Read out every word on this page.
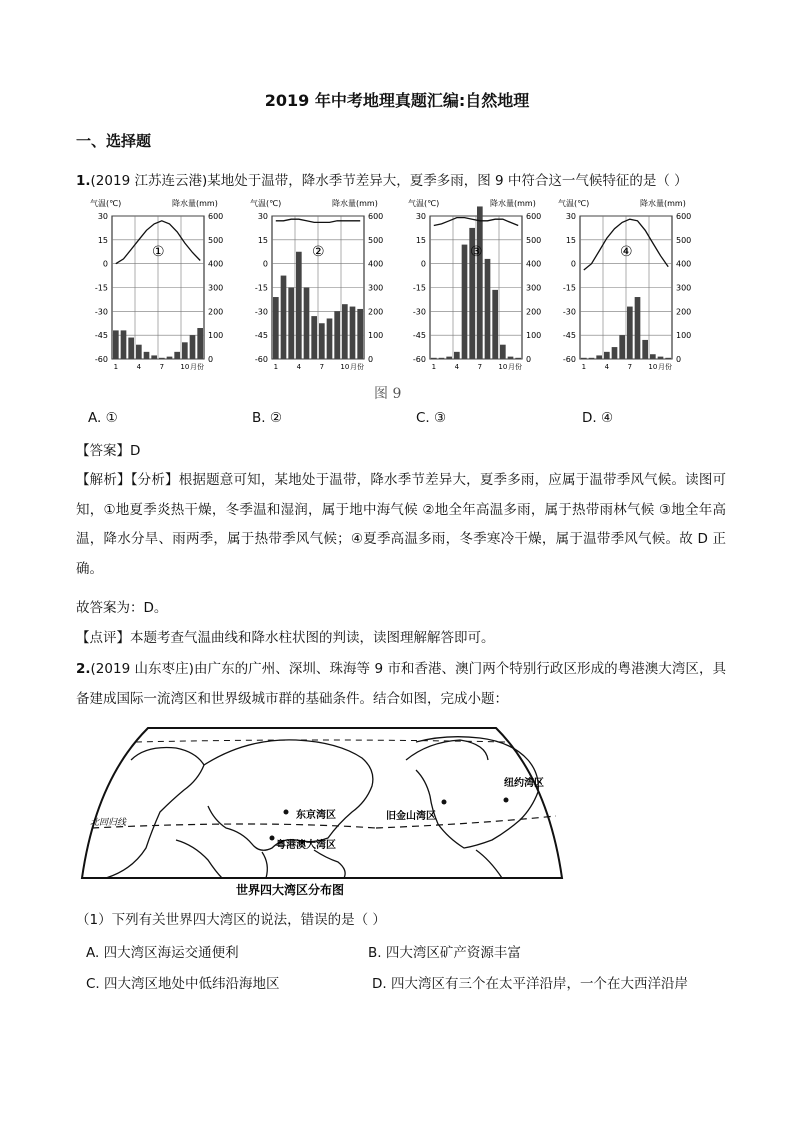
2019 年中考地理真题汇编:自然地理
一、选择题
1.(2019 江苏连云港)某地处于温带，降水季节差异大，夏季多雨，图 9 中符合这一气候特征的是（ ）
气温(℃)	降水量(mm)
30	600
15	500
0	400
-15	300
-30	200
-45	100
-60	0
①
1	4	7 10 月份
气温(℃)	降水量(mm)
30	600
15	500
0	400
-15	300
-30	200
-45	100
-60	0
②
1	4	7 10 月份
气温(℃)	降水量(mm)
30	600
15	500
0	400
-15	300
-30	200
-45	100
-60	0
③
1	4	7 10 月份
气温(℃)	降水量(mm)
30	600
15	500
0	400
-15	300
-30	200
-45	100
-60	0
④
1	4	7 10 月份
图 9
A. ①	B. ②	C. ③	D. ④
【答案】D
【解析】【分析】根据题意可知，某地处于温带，降水季节差异大，夏季多雨，应属于温带季风气候。读图可知，①地夏季炎热干燥，冬季温和湿润，属于地中海气候 ②地全年高温多雨，属于热带雨林气候 ③地全年高温，降水分旱、雨两季，属于热带季风气候；④夏季高温多雨，冬季寒冷干燥，属于温带季风气候。故 D 正确。
故答案为：D。
【点评】本题考查气温曲线和降水柱状图的判读，读图理解解答即可。
2.(2019 山东枣庄)由广东的广州、深圳、珠海等 9 市和香港、澳门两个特别行政区形成的粤港澳大湾区，具备建成国际一流湾区和世界级城市群的基础条件。结合如图，完成小题：
东京湾区	旧金山湾区
纽约湾区
粤港澳大湾区
北回归线
世界四大湾区分布图
（1）下列有关世界四大湾区的说法，错误的是（ ）
A. 四大湾区海运交通便利	B. 四大湾区矿产资源丰富
C. 四大湾区地处中低纬沿海地区	D. 四大湾区有三个在太平洋沿岸，一个在大西洋沿岸
